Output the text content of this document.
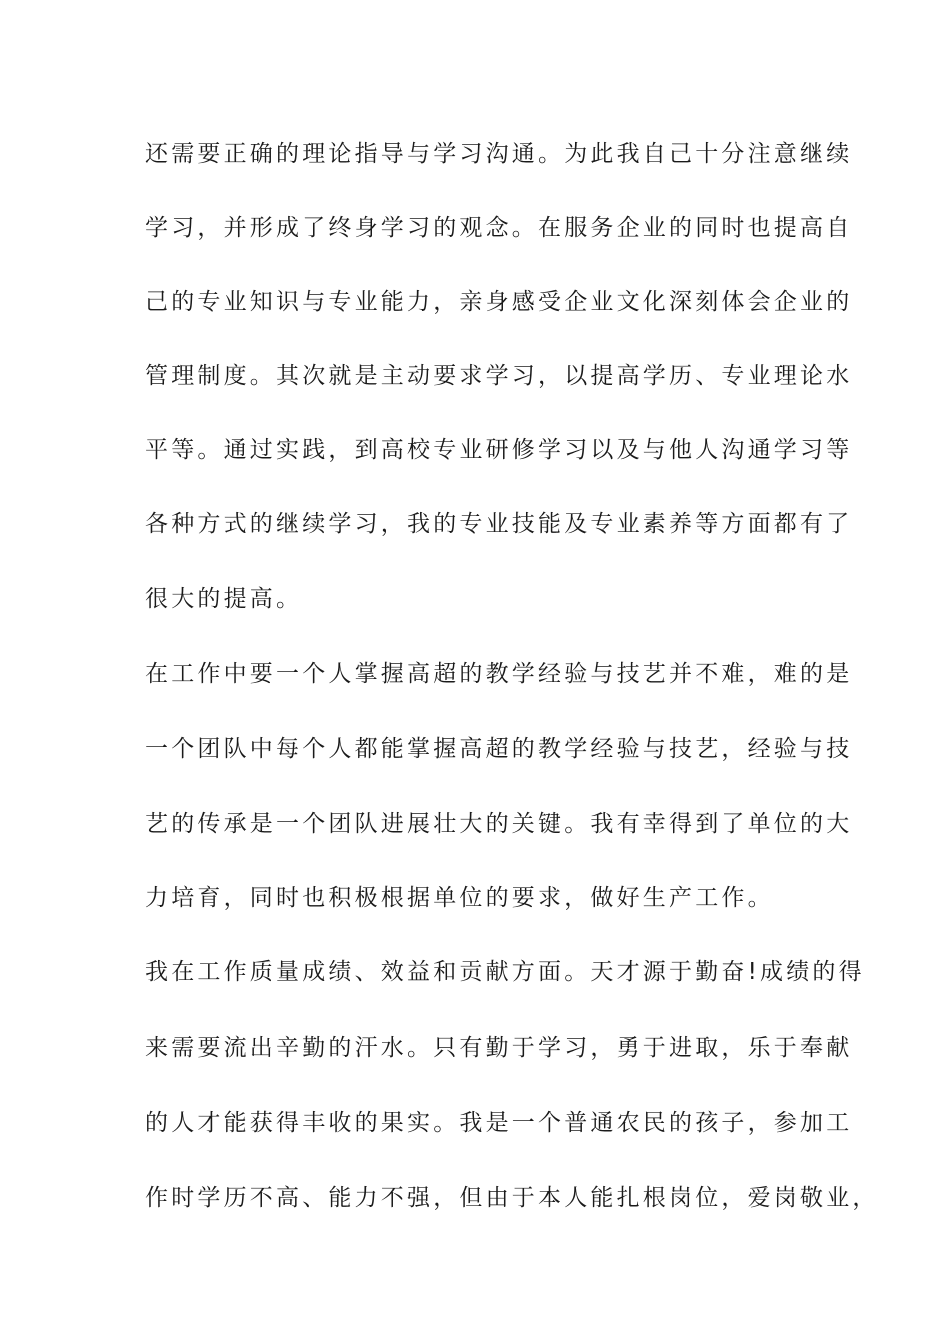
还需要正确的理论指导与学习沟通。为此我自己十分注意继续

学习，并形成了终身学习的观念。在服务企业的同时也提高自

己的专业知识与专业能力，亲身感受企业文化深刻体会企业的

管理制度。其次就是主动要求学习，以提高学历、专业理论水

平等。通过实践，到高校专业研修学习以及与他人沟通学习等

各种方式的继续学习，我的专业技能及专业素养等方面都有了

很大的提高。

在工作中要一个人掌握高超的教学经验与技艺并不难，难的是

一个团队中每个人都能掌握高超的教学经验与技艺，经验与技

艺的传承是一个团队进展壮大的关键。我有幸得到了单位的大

力培育，同时也积极根据单位的要求，做好生产工作。

我在工作质量成绩、效益和贡献方面。天才源于勤奋!成绩的得

来需要流出辛勤的汗水。只有勤于学习，勇于进取，乐于奉献

的人才能获得丰收的果实。我是一个普通农民的孩子，参加工

作时学历不高、能力不强，但由于本人能扎根岗位，爱岗敬业，
